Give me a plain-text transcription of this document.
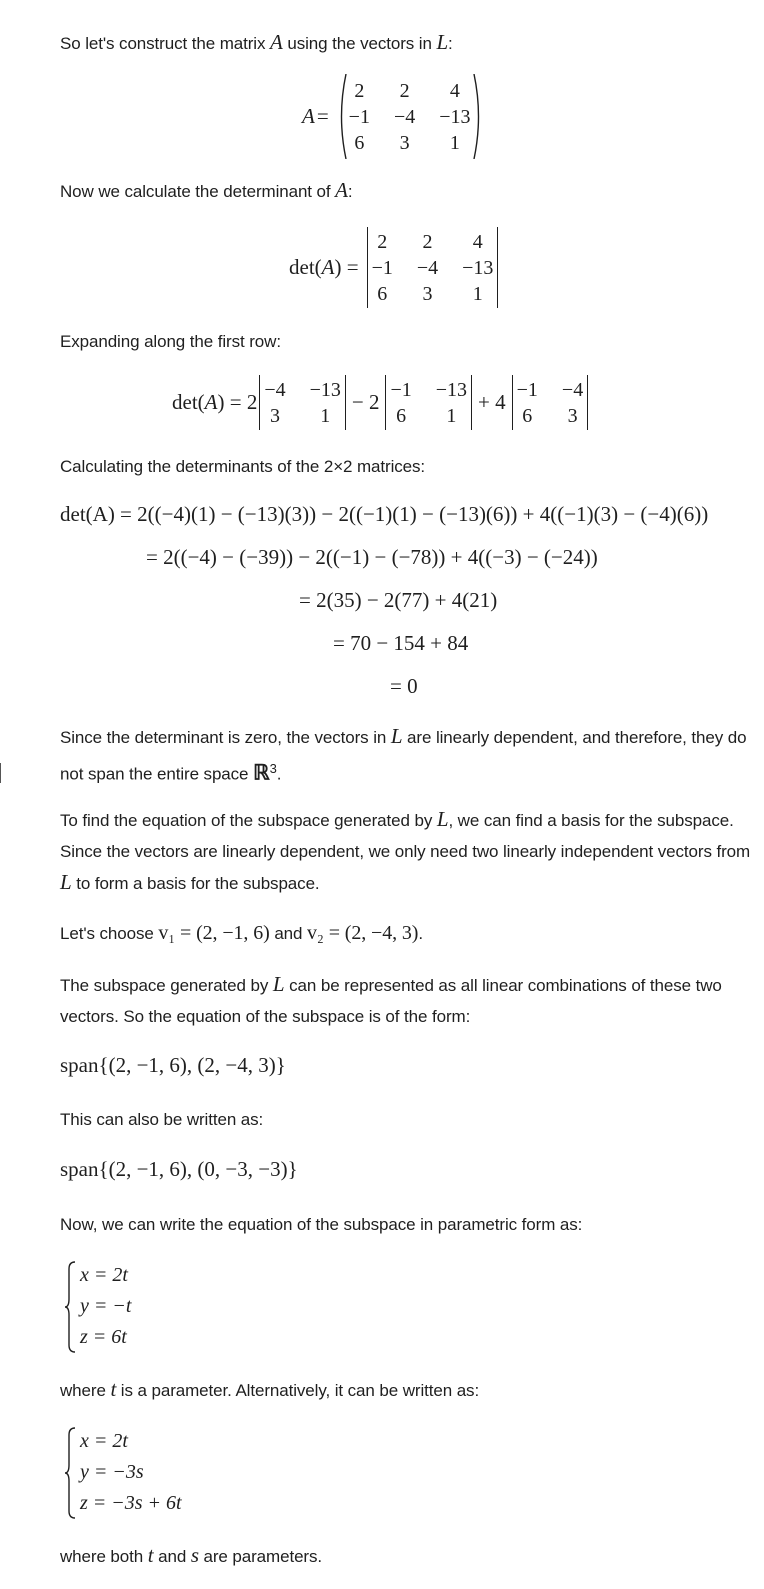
So let's construct the matrix A using the vectors in L:

A =
2 2	4
−1 −4 −13
6 3	1

Now we calculate the determinant of A:

det(A) =
2 2	4
−1 −4 −13
6 3	1

Expanding along the first row:

det(A) = 2 −4 −13
3	1
− 2 −1 −13
6	1
+ 4 −1 −4
6 3

Calculating the determinants of the 2×2 matrices:

det(A) = 2((−4)(1) − (−13)(3)) − 2((−1)(1) − (−13)(6)) + 4((−1)(3) − (−4)(6))
= 2((−4) − (−39)) − 2((−1) − (−78)) + 4((−3) − (−24))
= 2(35) − 2(77) + 4(21)
= 70 − 154 + 84
= 0

Since the determinant is zero, the vectors in L are linearly dependent, and therefore, they do not span the entire space ℝ$^3$.

To find the equation of the subspace generated by L, we can find a basis for the subspace. Since the vectors are linearly dependent, we only need two linearly independent vectors from L to form a basis for the subspace.

Let's choose v₁ = (2, −1, 6) and v₂ = (2, −4, 3).

The subspace generated by L can be represented as all linear combinations of these two vectors. So the equation of the subspace is of the form:

span{(2, −1, 6), (2, −4, 3)}

This can also be written as:

span{(2, −1, 6), (0, −3, −3)}

Now, we can write the equation of the subspace in parametric form as:

x = 2t
y = −t
z = 6t

where t is a parameter. Alternatively, it can be written as:

x = 2t
y = −3s
z = −3s + 6t

where both t and s are parameters.
